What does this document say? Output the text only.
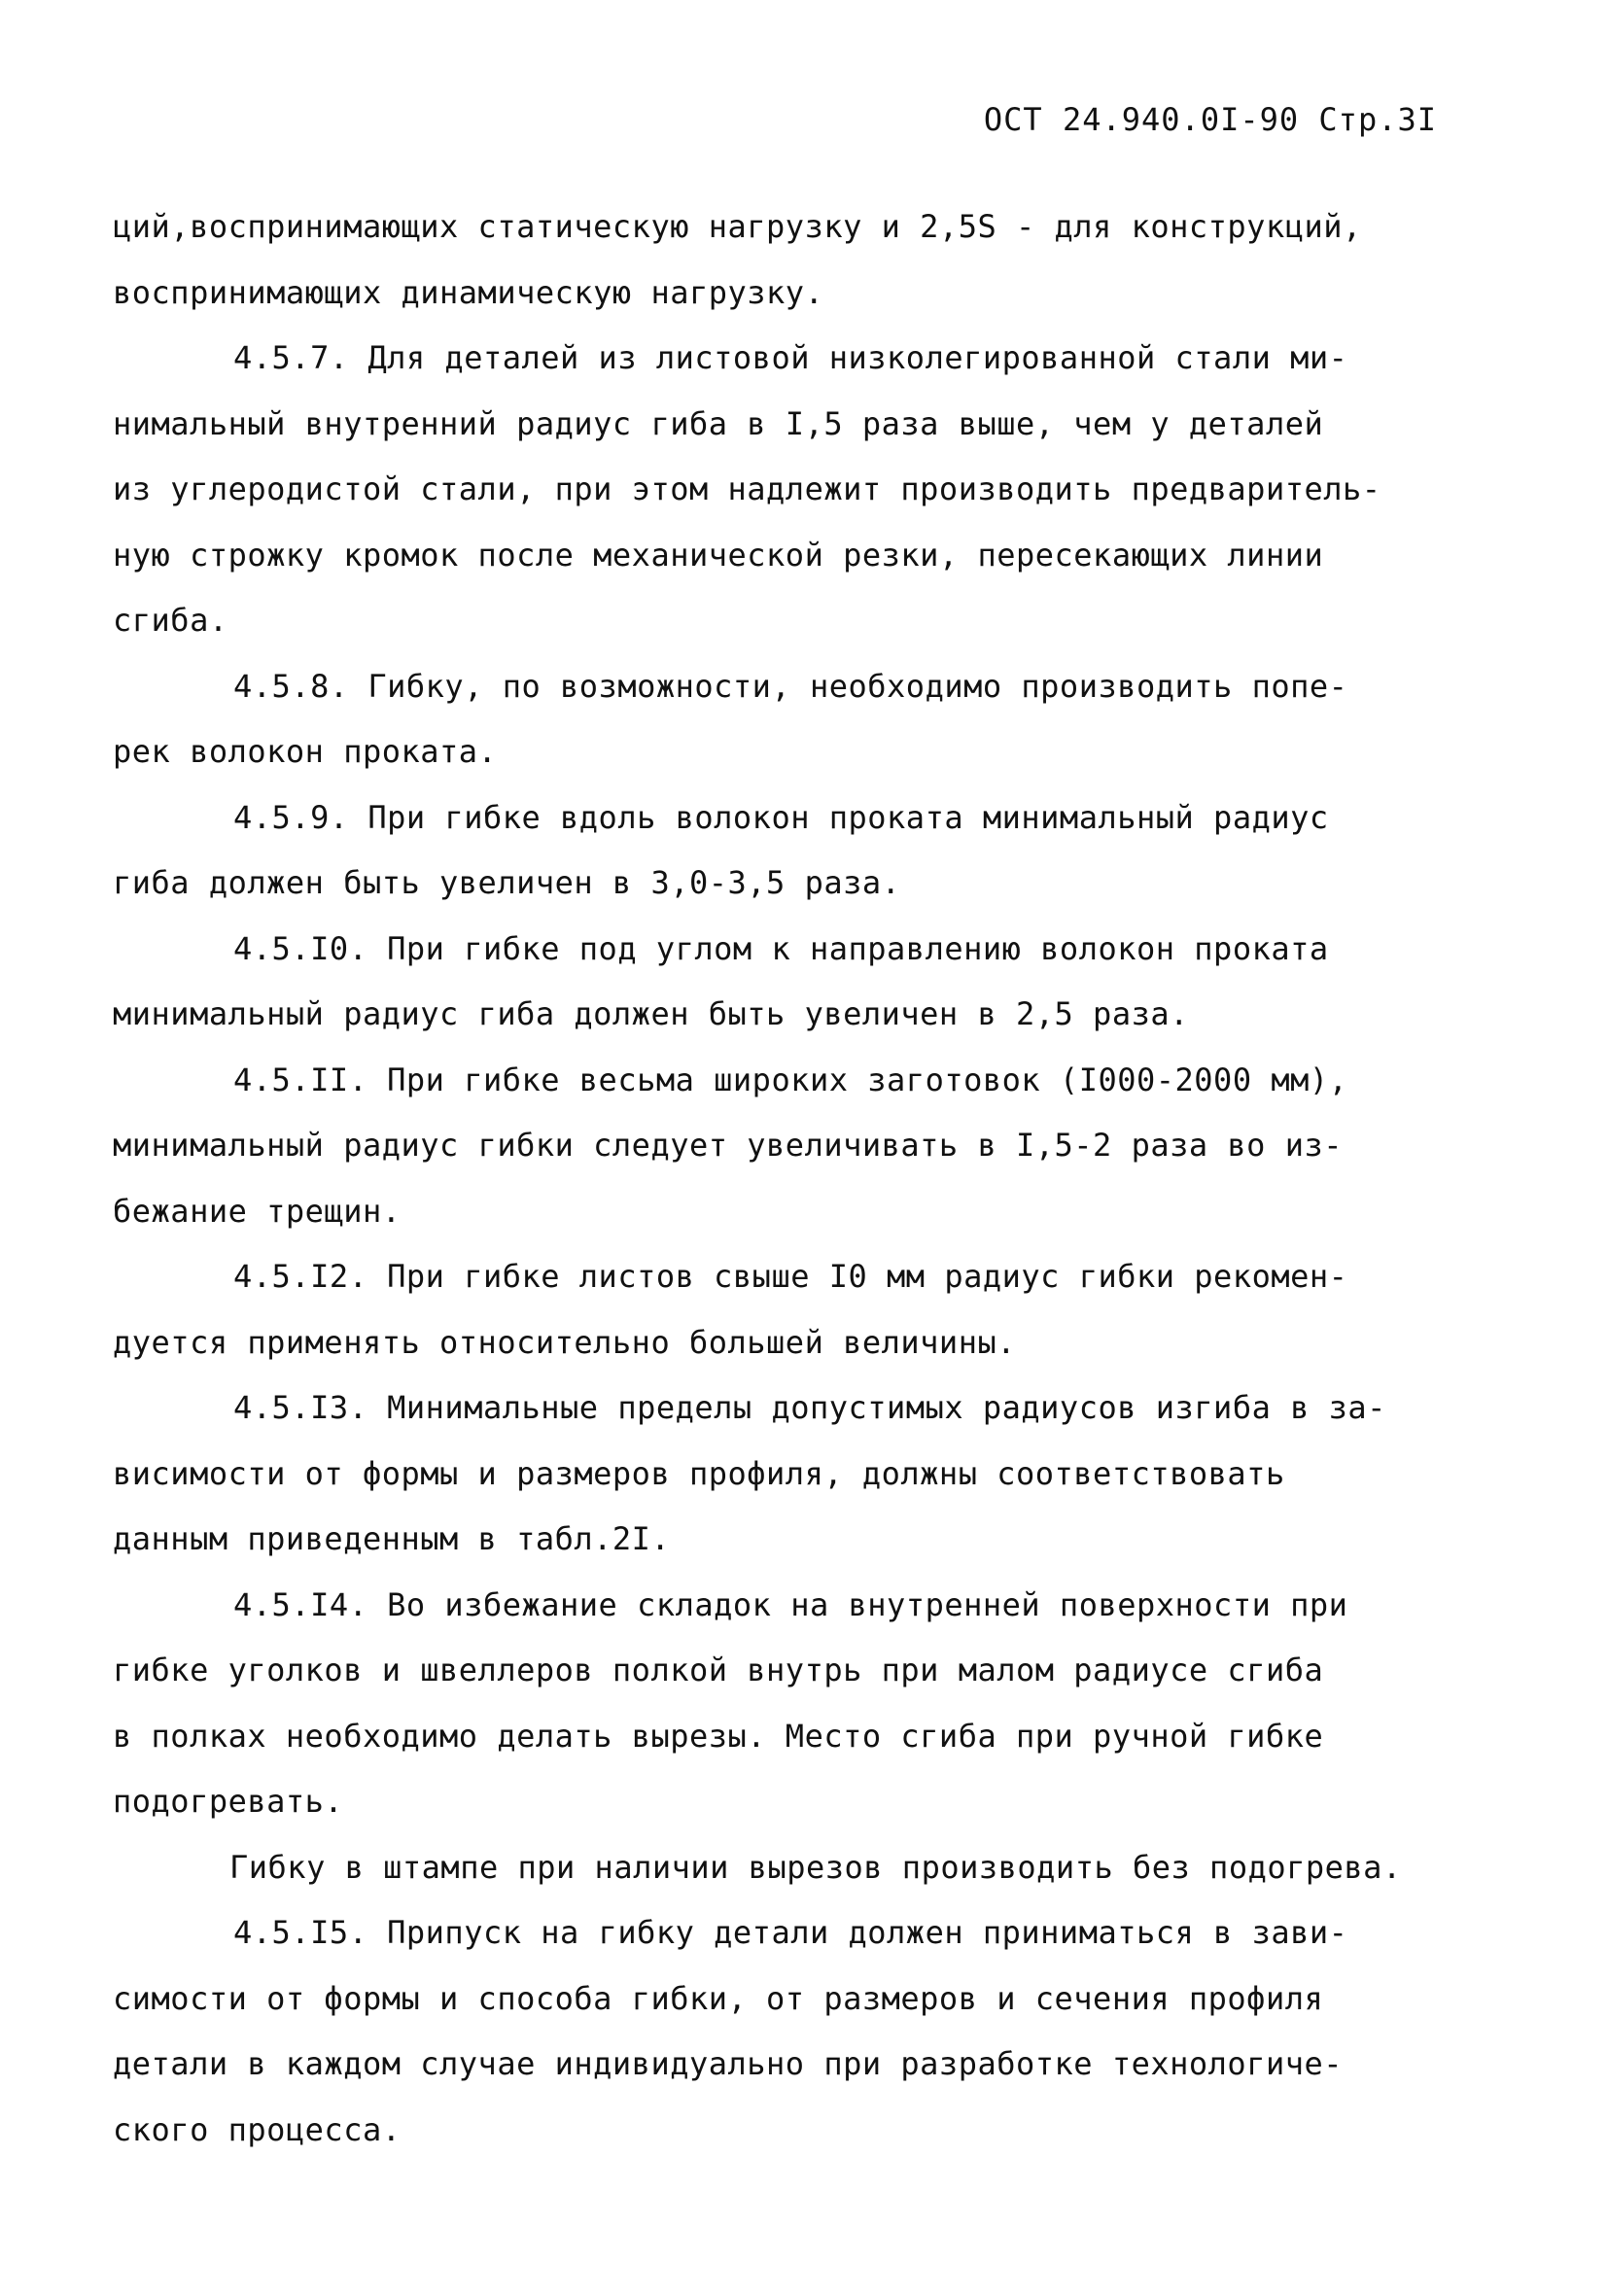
ОСТ 24.940.0I-90 Стр.3I
ций,воспринимающих статическую нагрузку и 2,5S - для конструкций,
воспринимающих динамическую нагрузку.
4.5.7. Для деталей из листовой низколегированной стали ми-
нимальный внутренний радиус гиба в I,5 раза выше, чем у деталей
из углеродистой стали, при этом надлежит производить предваритель-
ную строжку кромок после механической резки, пересекающих линии
сгиба.
4.5.8. Гибку, по возможности, необходимо производить попе-
рек волокон проката.
4.5.9. При гибке вдоль волокон проката минимальный радиус
гиба должен быть увеличен в 3,0-3,5 раза.
4.5.I0. При гибке под углом к направлению волокон проката
минимальный радиус гиба должен быть увеличен в 2,5 раза.
4.5.II. При гибке весьма широких заготовок (I000-2000 мм),
минимальный радиус гибки следует увеличивать в I,5-2 раза во из-
бежание трещин.
4.5.I2. При гибке листов свыше I0 мм радиус гибки рекомен-
дуется применять относительно большей величины.
4.5.I3. Минимальные пределы допустимых радиусов изгиба в за-
висимости от формы и размеров профиля, должны соответствовать
данным приведенным в табл.2I.
4.5.I4. Во избежание складок на внутренней поверхности при
гибке уголков и швеллеров полкой внутрь при малом радиусе сгиба
в полках необходимо делать вырезы. Место сгиба при ручной гибке
подогревать.
Гибку в штампе при наличии вырезов производить без подогрева.
4.5.I5. Припуск на гибку детали должен приниматься в зави-
симости от формы и способа гибки, от размеров и сечения профиля
детали в каждом случае индивидуально при разработке технологиче-
ского процесса.
